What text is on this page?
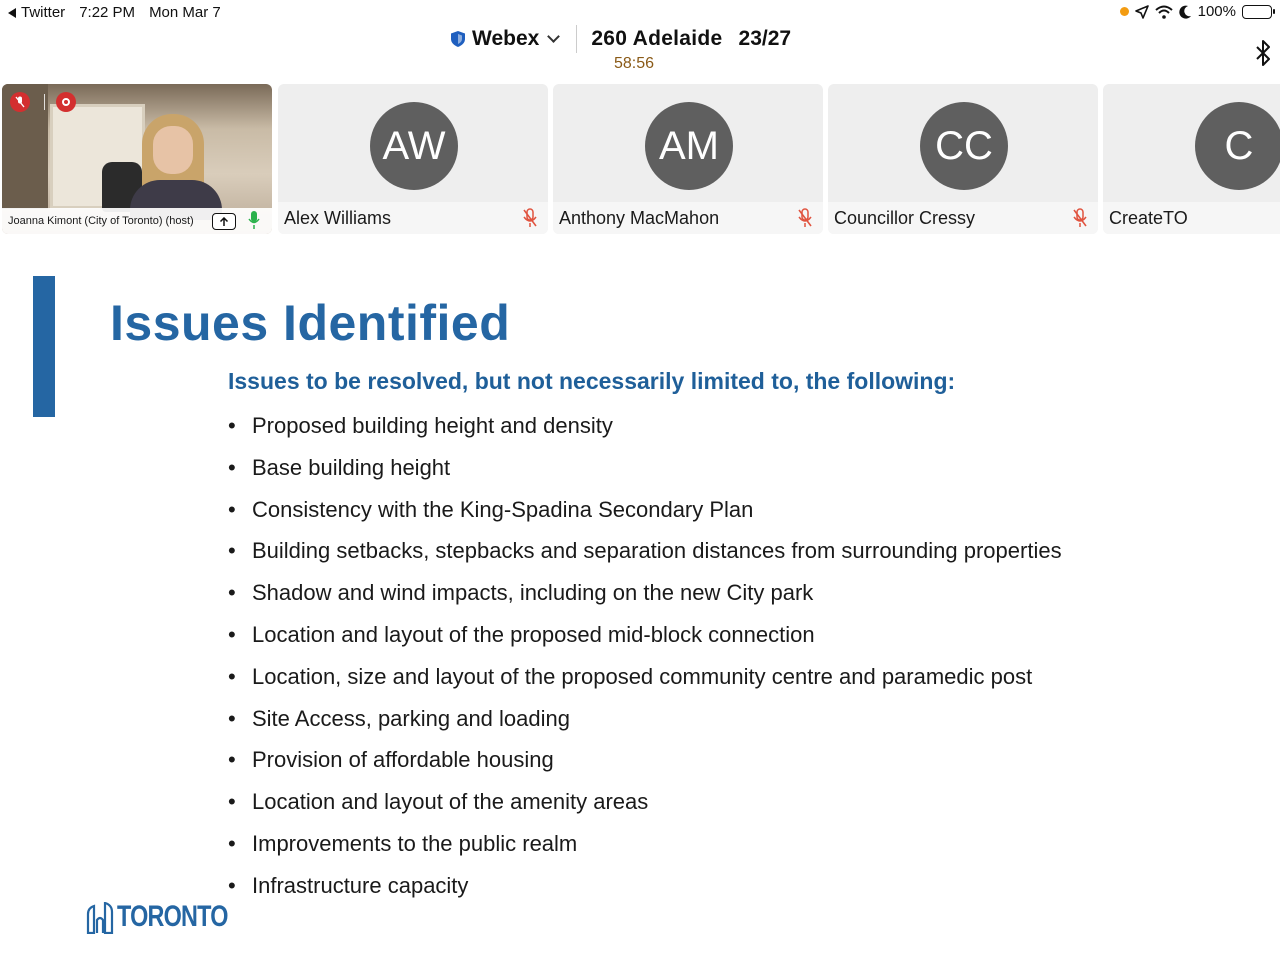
Twitter 7:22 PM Mon Mar 7	100%
Webex 260 Adelaide 23/27
58:56
Joanna Kimont (City of Toronto) (host)
AW
Alex Williams
AM
Anthony MacMahon
CC
Councillor Cressy
C
CreateTO
Issues Identified
Issues to be resolved, but not necessarily limited to, the following:
• Proposed building height and density
• Base building height
• Consistency with the King-Spadina Secondary Plan
• Building setbacks, stepbacks and separation distances from surrounding properties
• Shadow and wind impacts, including on the new City park
• Location and layout of the proposed mid-block connection
• Location, size and layout of the proposed community centre and paramedic post
• Site Access, parking and loading
• Provision of affordable housing
• Location and layout of the amenity areas
• Improvements to the public realm
• Infrastructure capacity
TORONTO
